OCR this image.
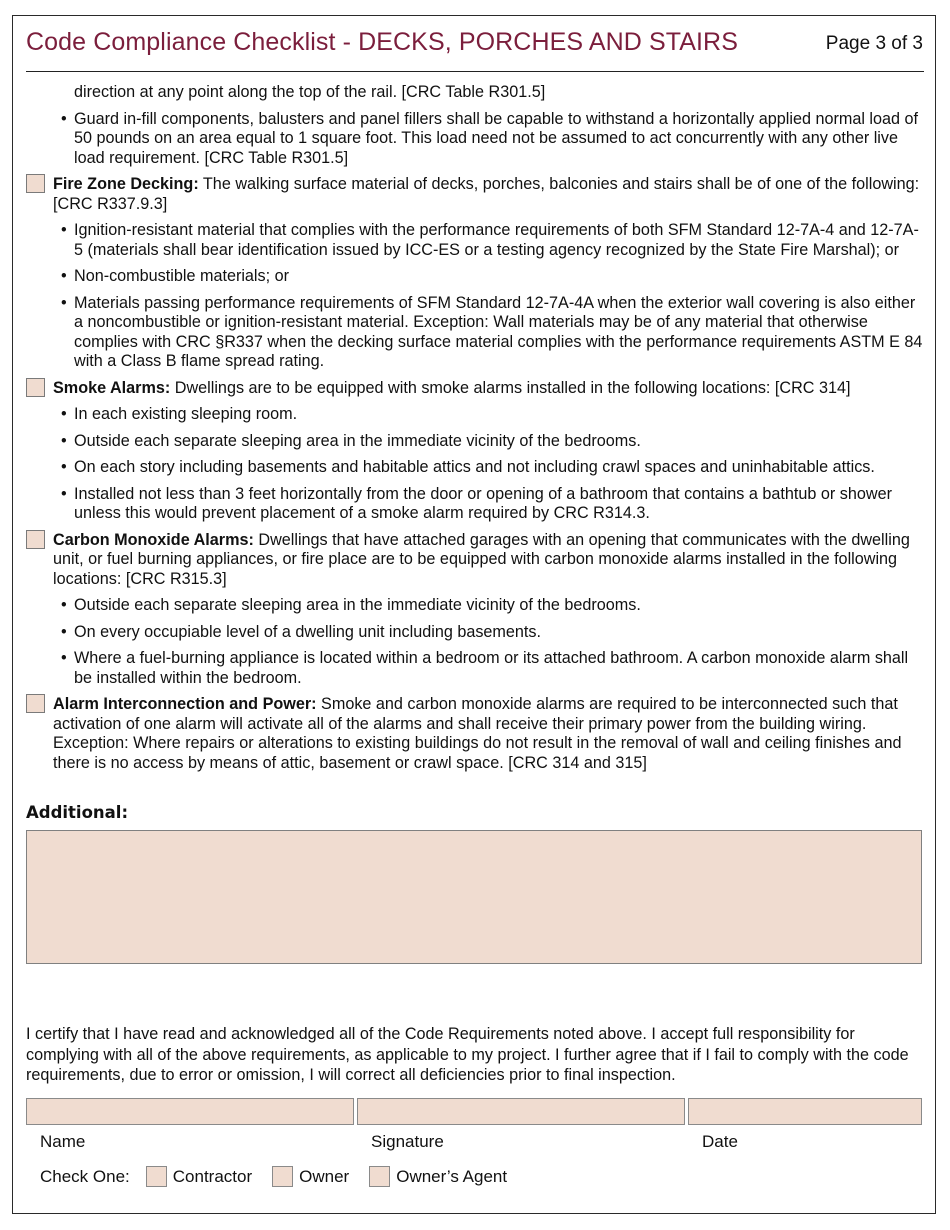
Code Compliance Checklist - DECKS, PORCHES AND STAIRS	Page 3 of 3
direction at any point along the top of the rail. [CRC Table R301.5]
• Guard in-fill components, balusters and panel fillers shall be capable to withstand a horizontally applied normal load of 50 pounds on an area equal to 1 square foot. This load need not be assumed to act concurrently with any other live load requirement. [CRC Table R301.5]
Fire Zone Decking: The walking surface material of decks, porches, balconies and stairs shall be of one of the following: [CRC R337.9.3]
• Ignition-resistant material that complies with the performance requirements of both SFM Standard 12-7A-4 and 12-7A-5 (materials shall bear identification issued by ICC-ES or a testing agency recognized by the State Fire Marshal); or
• Non-combustible materials; or
• Materials passing performance requirements of SFM Standard 12-7A-4A when the exterior wall covering is also either a noncombustible or ignition-resistant material. Exception: Wall materials may be of any material that otherwise complies with CRC §R337 when the decking surface material complies with the performance requirements ASTM E 84 with a Class B flame spread rating.
Smoke Alarms: Dwellings are to be equipped with smoke alarms installed in the following locations: [CRC 314]
• In each existing sleeping room.
• Outside each separate sleeping area in the immediate vicinity of the bedrooms.
• On each story including basements and habitable attics and not including crawl spaces and uninhabitable attics.
• Installed not less than 3 feet horizontally from the door or opening of a bathroom that contains a bathtub or shower unless this would prevent placement of a smoke alarm required by CRC R314.3.
Carbon Monoxide Alarms: Dwellings that have attached garages with an opening that communicates with the dwelling unit, or fuel burning appliances, or fire place are to be equipped with carbon monoxide alarms installed in the following locations: [CRC R315.3]
• Outside each separate sleeping area in the immediate vicinity of the bedrooms.
• On every occupiable level of a dwelling unit including basements.
• Where a fuel-burning appliance is located within a bedroom or its attached bathroom. A carbon monoxide alarm shall be installed within the bedroom.
Alarm Interconnection and Power: Smoke and carbon monoxide alarms are required to be interconnected such that activation of one alarm will activate all of the alarms and shall receive their primary power from the building wiring. Exception: Where repairs or alterations to existing buildings do not result in the removal of wall and ceiling finishes and there is no access by means of attic, basement or crawl space. [CRC 314 and 315]
Additional:
I certify that I have read and acknowledged all of the Code Requirements noted above. I accept full responsibility for complying with all of the above requirements, as applicable to my project. I further agree that if I fail to comply with the code requirements, due to error or omission, I will correct all deficiencies prior to final inspection.
Name	Signature	Date
Check One:	Contractor	Owner	Owner’s Agent
